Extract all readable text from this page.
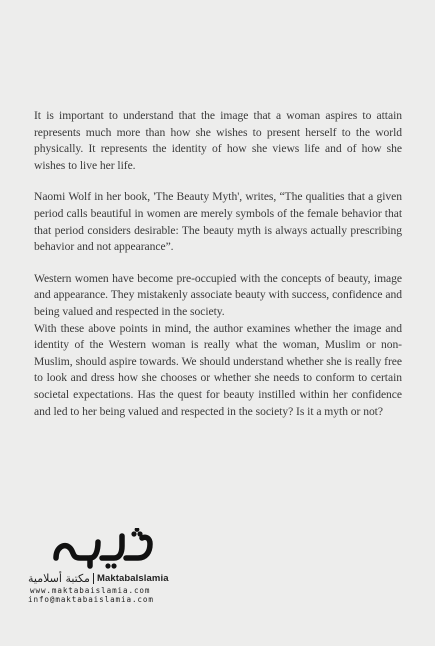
It is important to understand that the image that a woman aspires to attain represents much more than how she wishes to present herself to the world physically. It represents the identity of how she views life and of how she wishes to live her life.

Naomi Wolf in her book, 'The Beauty Myth', writes, “The qualities that a given period calls beautiful in women are merely symbols of the female behavior that that period considers desirable: The beauty myth is always actually prescribing behavior and not appearance”.

Western women have become pre-occupied with the concepts of beauty, image and appearance. They mistakenly associate beauty with success, confidence and being valued and respected in the society.

With these above points in mind, the author examines whether the image and identity of the Western woman is really what the woman, Muslim or non-Muslim, should aspire towards. We should understand whether she is really free to look and dress how she chooses or whether she needs to conform to certain societal expectations. Has the quest for beauty instilled within her confidence and led to her being valued and respected in the society? Is it a myth or not?

مكتبة أسلامية MaktabaIslamia
www.maktabaislamia.com
info@maktabaislamia.com
